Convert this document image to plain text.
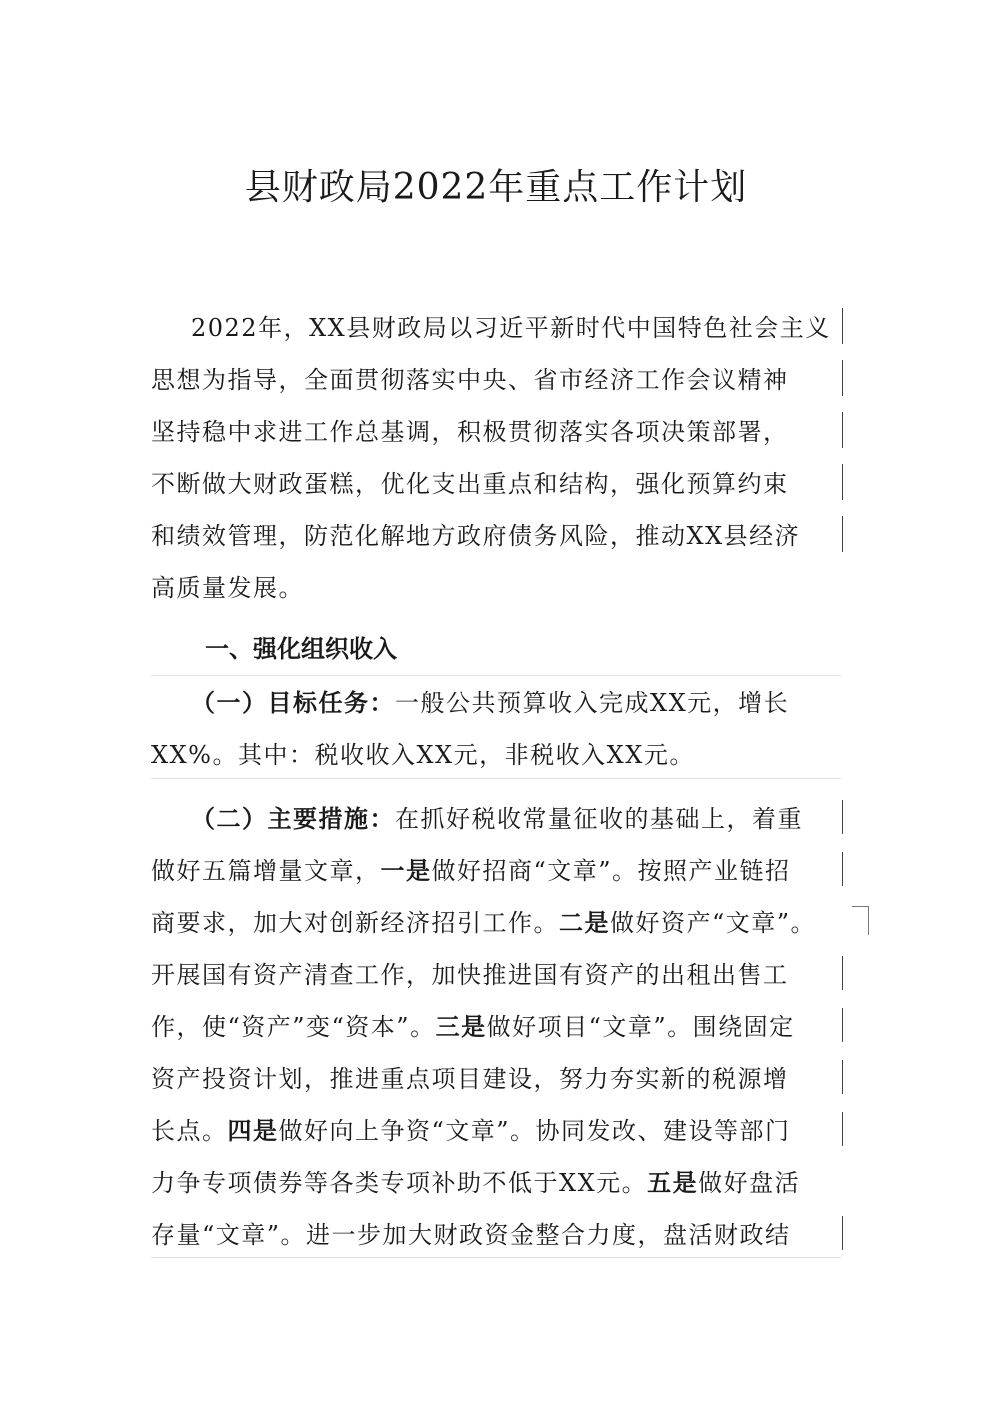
县财政局2022年重点工作计划
2022年，XX县财政局以习近平新时代中国特色社会主义
思想为指导，全面贯彻落实中央、省市经济工作会议精神
坚持稳中求进工作总基调，积极贯彻落实各项决策部署，
不断做大财政蛋糕，优化支出重点和结构，强化预算约束
和绩效管理，防范化解地方政府债务风险，推动XX县经济
高质量发展。
一、强化组织收入
（一）目标任务：一般公共预算收入完成XX元，增长
XX%。其中：税收收入XX元，非税收入XX元。
（二）主要措施：在抓好税收常量征收的基础上，着重
做好五篇增量文章，一是做好招商“文章”。按照产业链招
商要求，加大对创新经济招引工作。二是做好资产“文章”。
开展国有资产清查工作，加快推进国有资产的出租出售工
作，使“资产”变“资本”。三是做好项目“文章”。围绕固定
资产投资计划，推进重点项目建设，努力夯实新的税源增
长点。四是做好向上争资“文章”。协同发改、建设等部门
力争专项债券等各类专项补助不低于XX元。五是做好盘活
存量“文章”。进一步加大财政资金整合力度，盘活财政结
